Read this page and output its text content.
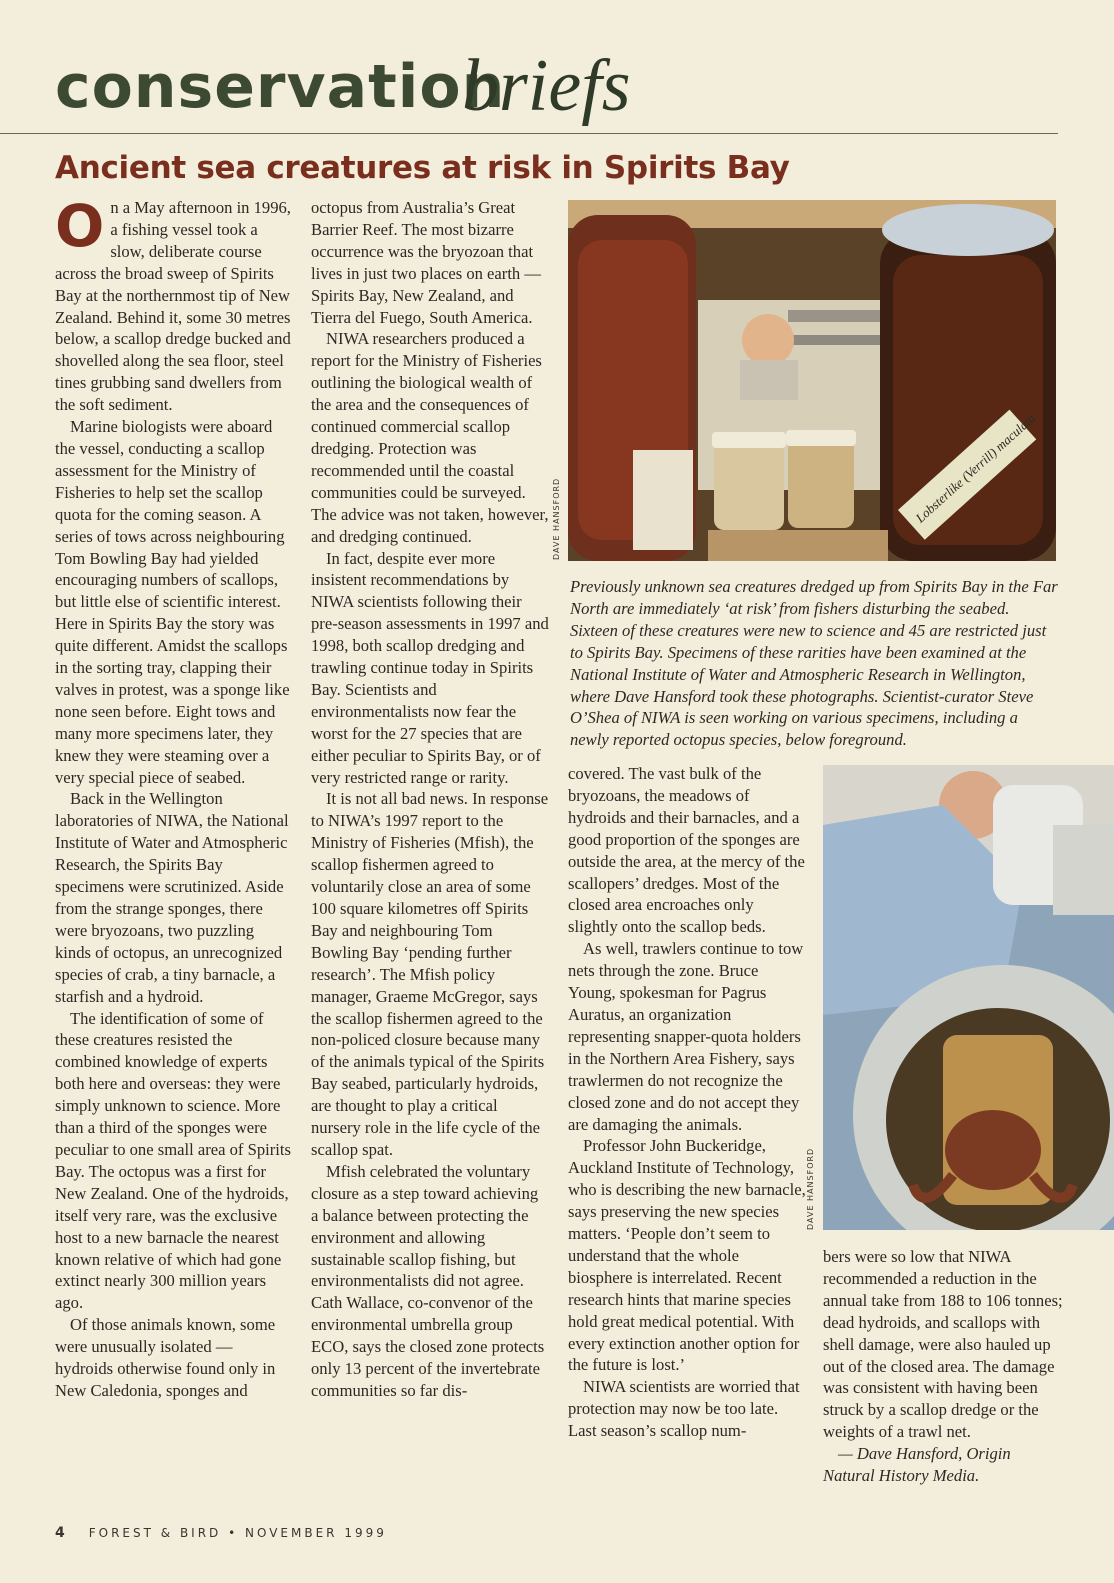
conservation
briefs
Ancient sea creatures at risk in Spirits Bay
O n a May afternoon in 1996, a fishing vessel took a slow, deliberate course across the broad sweep of Spirits Bay at the northernmost tip of New Zealand. Behind it, some 30 metres below, a scallop dredge bucked and shovelled along the sea floor, steel tines grubbing sand dwellers from the soft sediment.

Marine biologists were aboard the vessel, conducting a scallop assessment for the Ministry of Fisheries to help set the scallop quota for the coming season. A series of tows across neighbouring Tom Bowling Bay had yielded encouraging numbers of scallops, but little else of scientific interest. Here in Spirits Bay the story was quite different. Amidst the scallops in the sorting tray, clapping their valves in protest, was a sponge like none seen before. Eight tows and many more specimens later, they knew they were steaming over a very special piece of seabed.

Back in the Wellington laboratories of NIWA, the National Institute of Water and Atmospheric Research, the Spirits Bay specimens were scrutinized. Aside from the strange sponges, there were bryozoans, two puzzling kinds of octopus, an unrecognized species of crab, a tiny barnacle, a starfish and a hydroid.

The identification of some of these creatures resisted the combined knowledge of experts both here and overseas: they were simply unknown to science. More than a third of the sponges were peculiar to one small area of Spirits Bay. The octopus was a first for New Zealand. One of the hydroids, itself very rare, was the exclusive host to a new barnacle the nearest known relative of which had gone extinct nearly 300 million years ago.

Of those animals known, some were unusually isolated — hydroids otherwise found only in New Caledonia, sponges and

octopus from Australia’s Great Barrier Reef. The most bizarre occurrence was the bryozoan that lives in just two places on earth — Spirits Bay, New Zealand, and Tierra del Fuego, South America.

NIWA researchers produced a report for the Ministry of Fisheries outlining the biological wealth of the area and the consequences of continued commercial scallop dredging. Protection was recommended until the coastal communities could be surveyed. The advice was not taken, however, and dredging continued.

In fact, despite ever more insistent recommendations by NIWA scientists following their pre-season assessments in 1997 and 1998, both scallop dredging and trawling continue today in Spirits Bay. Scientists and environmentalists now fear the worst for the 27 species that are either peculiar to Spirits Bay, or of very restricted range or rarity.

It is not all bad news. In response to NIWA’s 1997 report to the Ministry of Fisheries (Mfish), the scallop fishermen agreed to voluntarily close an area of some 100 square kilometres off Spirits Bay and neighbouring Tom Bowling Bay ‘pending further research’. The Mfish policy manager, Graeme McGregor, says the scallop fishermen agreed to the non-policed closure because many of the animals typical of the Spirits Bay seabed, particularly hydroids, are thought to play a critical nursery role in the life cycle of the scallop spat.

Mfish celebrated the voluntary closure as a step toward achieving a balance between protecting the environment and allowing sustainable scallop fishing, but environmentalists did not agree. Cath Wallace, co-convenor of the environmental umbrella group ECO, says the closed zone protects only 13 percent of the invertebrate communities so far dis-

Lobsterlike (Verrill) maculata
DAVE HANSFORD
Previously unknown sea creatures dredged up from Spirits Bay in the Far North are immediately ‘at risk’ from fishers disturbing the seabed. Sixteen of these creatures were new to science and 45 are restricted just to Spirits Bay. Specimens of these rarities have been examined at the National Institute of Water and Atmospheric Research in Wellington, where Dave Hansford took these photographs. Scientist-curator Steve O’Shea of NIWA is seen working on various specimens, including a newly reported octopus species, below foreground.

covered. The vast bulk of the bryozoans, the meadows of hydroids and their barnacles, and a good proportion of the sponges are outside the area, at the mercy of the scallopers’ dredges. Most of the closed area encroaches only slightly onto the scallop beds.

As well, trawlers continue to tow nets through the zone. Bruce Young, spokesman for Pagrus Auratus, an organization representing snapper-quota holders in the Northern Area Fishery, says trawlermen do not recognize the closed zone and do not accept they are damaging the animals.

Professor John Buckeridge, Auckland Institute of Technology, who is describing the new barnacle, says preserving the new species matters. ‘People don’t seem to understand that the whole biosphere is interrelated. Recent research hints that marine species hold great medical potential. With every extinction another option for the future is lost.’

NIWA scientists are worried that protection may now be too late. Last season’s scallop num-

DAVE HANSFORD

bers were so low that NIWA recommended a reduction in the annual take from 188 to 106 tonnes; dead hydroids, and scallops with shell damage, were also hauled up out of the closed area. The damage was consistent with having been struck by a scallop dredge or the weights of a trawl net.

— Dave Hansford, Origin Natural History Media.

4 FOREST & BIRD • NOVEMBER 1999
